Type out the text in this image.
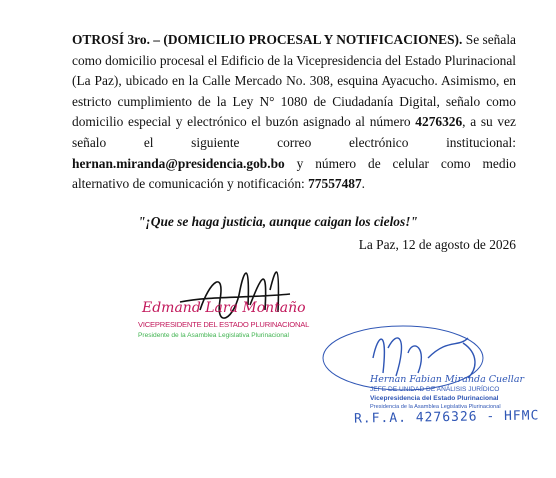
OTROSÍ 3ro. – (DOMICILIO PROCESAL Y NOTIFICACIONES). Se señala como domicilio procesal el Edificio de la Vicepresidencia del Estado Plurinacional (La Paz), ubicado en la Calle Mercado No. 308, esquina Ayacucho. Asimismo, en estricto cumplimiento de la Ley N° 1080 de Ciudadanía Digital, señalo como domicilio especial y electrónico el buzón asignado al número 4276326, a su vez señalo el siguiente correo electrónico institucional: hernan.miranda@presidencia.gob.bo y número de celular como medio alternativo de comunicación y notificación: 77557487.
"¡Que se haga justicia, aunque caigan los cielos!"
La Paz, 12 de agosto de 2026
Edmand Lara Montaño
VICEPRESIDENTE DEL ESTADO PLURINACIONAL
Presidente de la Asamblea Legislativa Plurinacional
Hernan Fabian Miranda Cuellar
JEFE DE UNIDAD DE ANÁLISIS JURÍDICO
Vicepresidencia del Estado Plurinacional
Presidencia de la Asamblea Legislativa Plurinacional
R.F.A. 4276326 - HFMC
